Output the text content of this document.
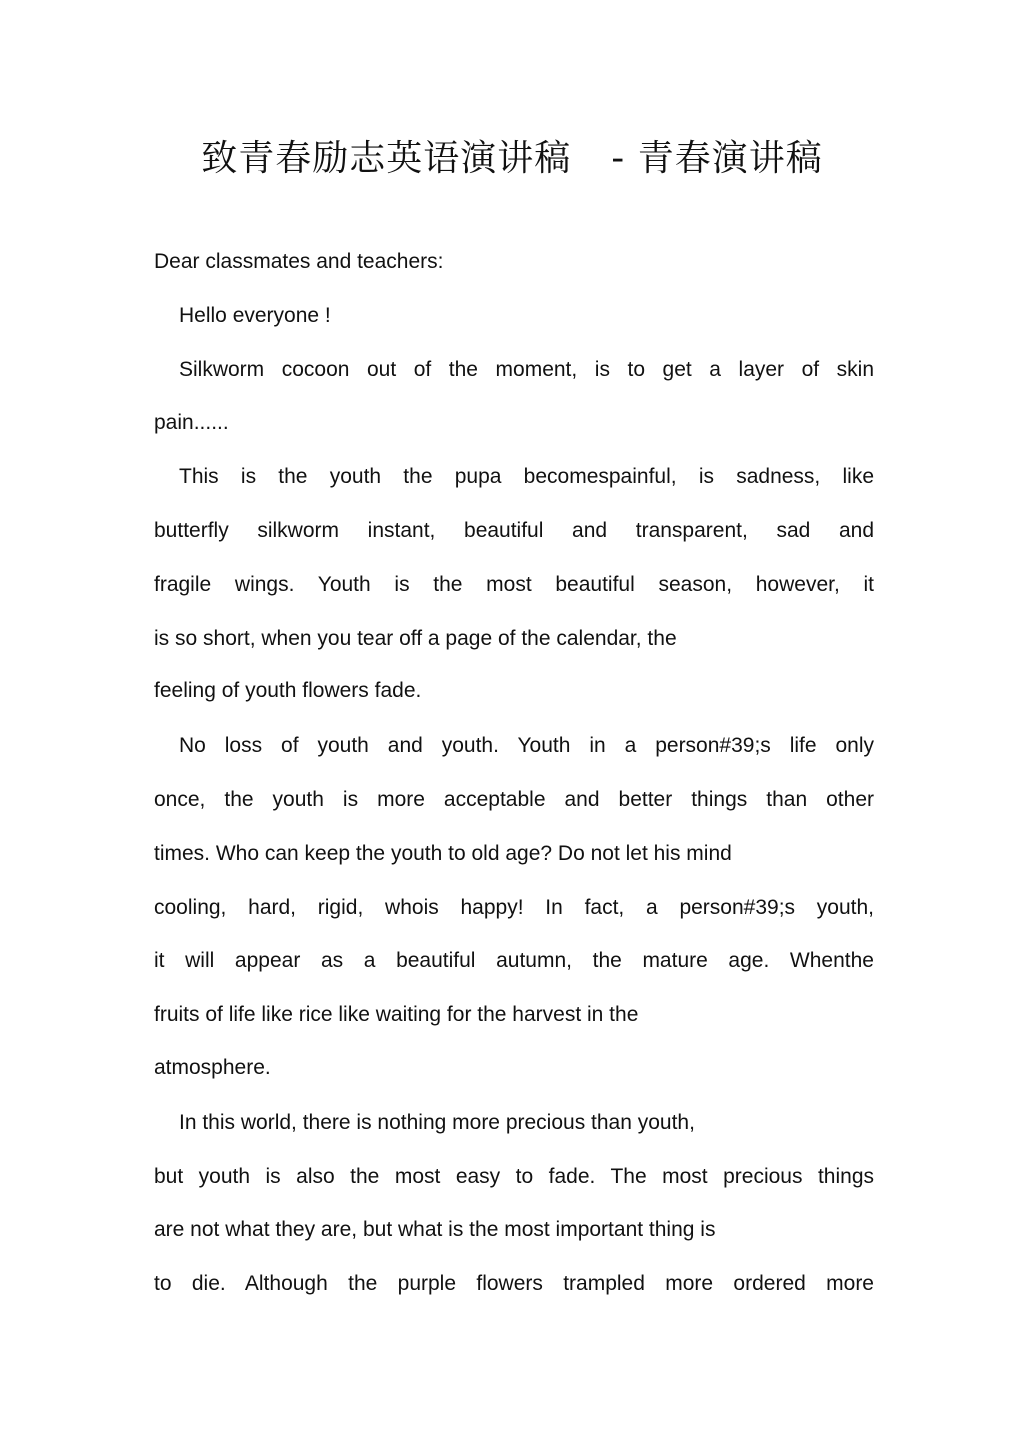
致青春励志英语演讲稿 - 青春演讲稿
Dear classmates and teachers:
Hello everyone !
Silkworm cocoon out of the moment, is to get a layer of skin
pain......
This is the youth the pupa becomespainful, is sadness, like
butterfly silkworm instant, beautiful and transparent, sad and
fragile wings. Youth is the most beautiful season, however, it
is so short, when you tear off a page of the calendar, the
feeling of youth flowers fade.
No loss of youth and youth. Youth in a person#39;s life only
once, the youth is more acceptable and better things than other
times. Who can keep the youth to old age? Do not let his mind
cooling, hard, rigid, whois happy! In fact, a person#39;s youth,
it will appear as a beautiful autumn, the mature age. Whenthe
fruits of life like rice like waiting for the harvest in the
atmosphere.
In this world, there is nothing more precious than youth,
but youth is also the most easy to fade. The most precious things
are not what they are, but what is the most important thing is
to die. Although the purple flowers trampled more ordered more
